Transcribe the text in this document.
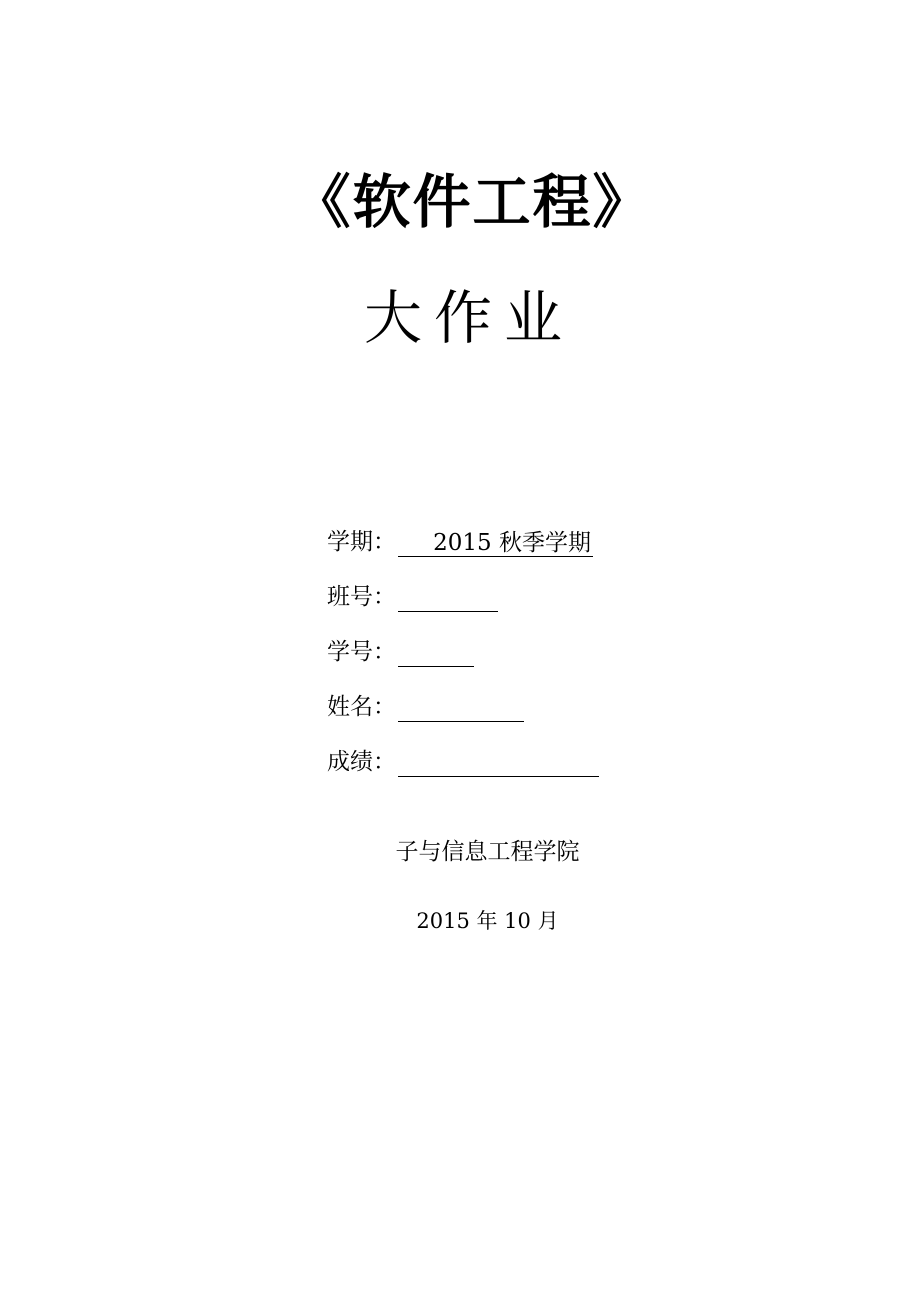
《软件工程》
大作业
学期：	2015 秋季学期
班号：
学号：
姓名：
成绩：
子与信息工程学院
2015 年 10 月
